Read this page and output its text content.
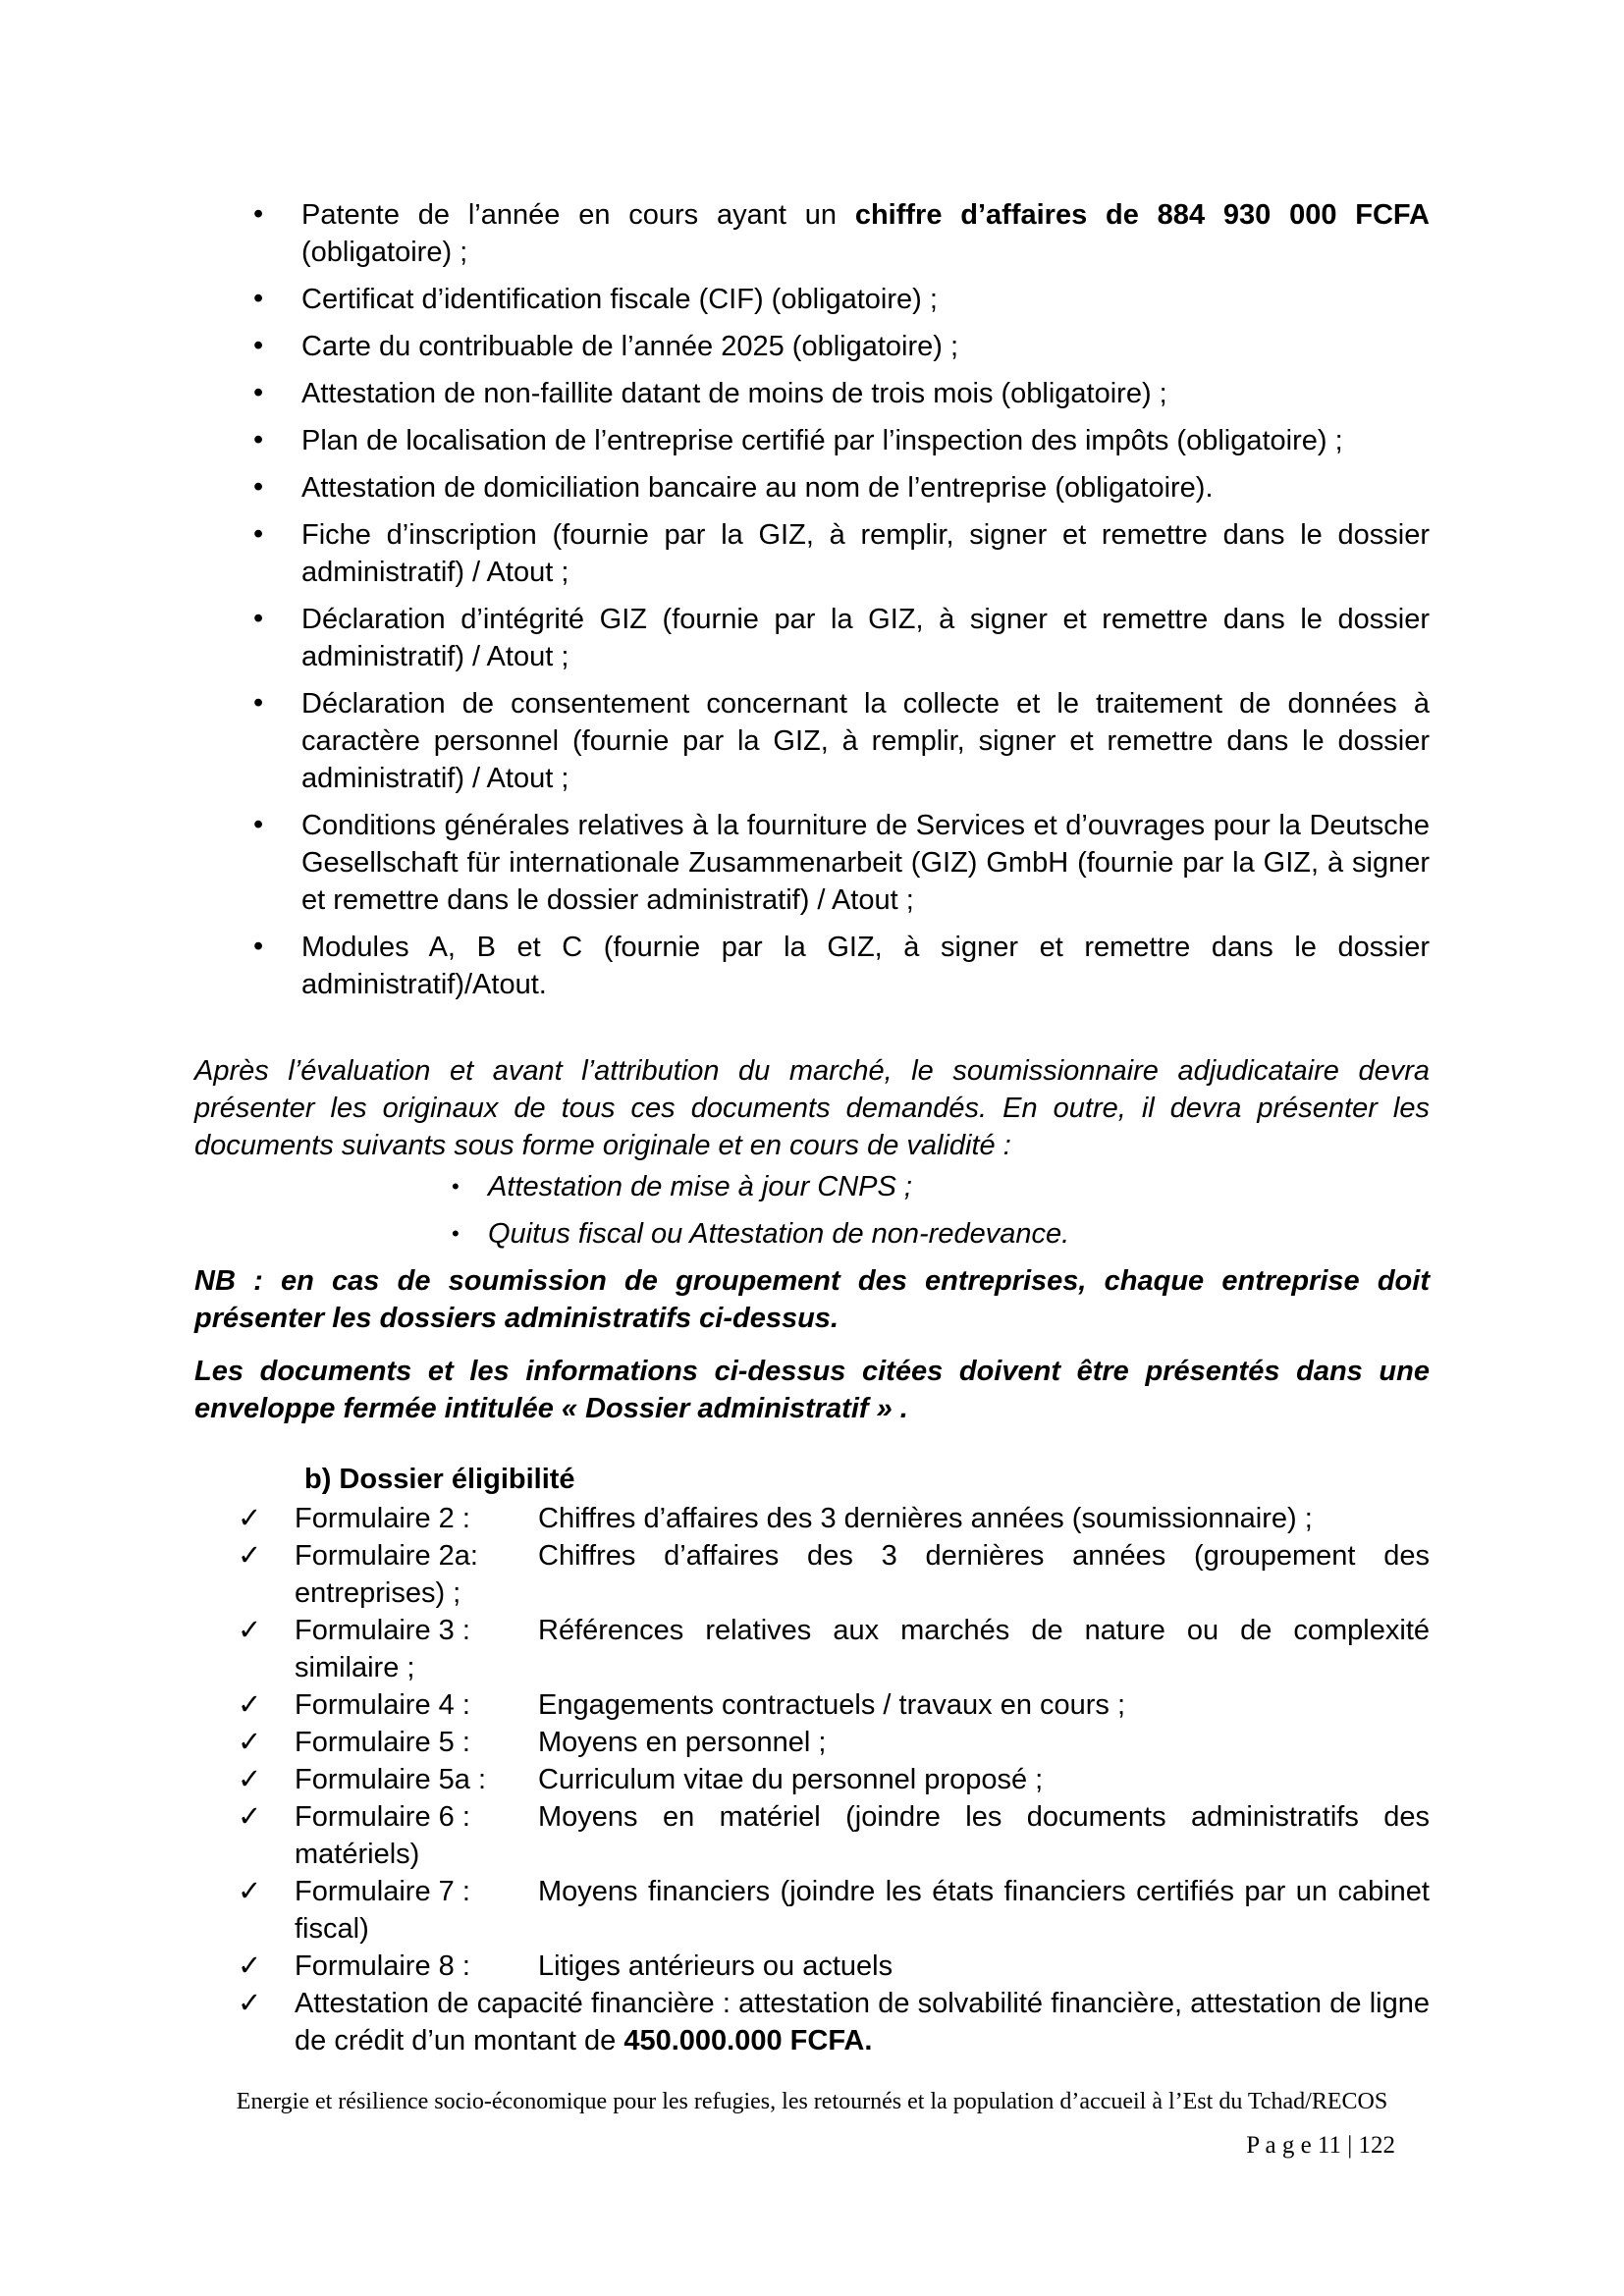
• Patente de l’année en cours ayant un chiffre d’affaires de 884 930 000 FCFA (obligatoire) ;
• Certificat d’identification fiscale (CIF) (obligatoire) ;
• Carte du contribuable de l’année 2025 (obligatoire) ;
• Attestation de non-faillite datant de moins de trois mois (obligatoire) ;
• Plan de localisation de l’entreprise certifié par l’inspection des impôts (obligatoire) ;
• Attestation de domiciliation bancaire au nom de l’entreprise (obligatoire).
• Fiche d’inscription (fournie par la GIZ, à remplir, signer et remettre dans le dossier administratif) / Atout ;
• Déclaration d’intégrité GIZ (fournie par la GIZ, à signer et remettre dans le dossier administratif) / Atout ;
• Déclaration de consentement concernant la collecte et le traitement de données à caractère personnel (fournie par la GIZ, à remplir, signer et remettre dans le dossier administratif) / Atout ;
• Conditions générales relatives à la fourniture de Services et d’ouvrages pour la Deutsche Gesellschaft für internationale Zusammenarbeit (GIZ) GmbH (fournie par la GIZ, à signer et remettre dans le dossier administratif) / Atout ;
• Modules A, B et C (fournie par la GIZ, à signer et remettre dans le dossier administratif)/Atout.

Après l’évaluation et avant l’attribution du marché, le soumissionnaire adjudicataire devra présenter les originaux de tous ces documents demandés. En outre, il devra présenter les documents suivants sous forme originale et en cours de validité :

• Attestation de mise à jour CNPS ;
• Quitus fiscal ou Attestation de non-redevance.

NB : en cas de soumission de groupement des entreprises, chaque entreprise doit présenter les dossiers administratifs ci-dessus.

Les documents et les informations ci-dessus citées doivent être présentés dans une enveloppe fermée intitulée « Dossier administratif » .

b) Dossier éligibilité
✓ Formulaire 2 : Chiffres d’affaires des 3 dernières années (soumissionnaire) ;
✓ Formulaire 2a: Chiffres d’affaires des 3 dernières années (groupement des entreprises) ;
✓ Formulaire 3 : Références relatives aux marchés de nature ou de complexité similaire ;
✓ Formulaire 4 : Engagements contractuels / travaux en cours ;
✓ Formulaire 5 : Moyens en personnel ;
✓ Formulaire 5a : Curriculum vitae du personnel proposé ;
✓ Formulaire 6 : Moyens en matériel (joindre les documents administratifs des matériels)
✓ Formulaire 7 : Moyens financiers (joindre les états financiers certifiés par un cabinet fiscal)
✓ Formulaire 8 : Litiges antérieurs ou actuels
✓ Attestation de capacité financière : attestation de solvabilité financière, attestation de ligne de crédit d’un montant de 450.000.000 FCFA.
Energie et résilience socio-économique pour les refugies, les retournés et la population d’accueil à l’Est du Tchad/RECOS
P a g e 11 | 122
